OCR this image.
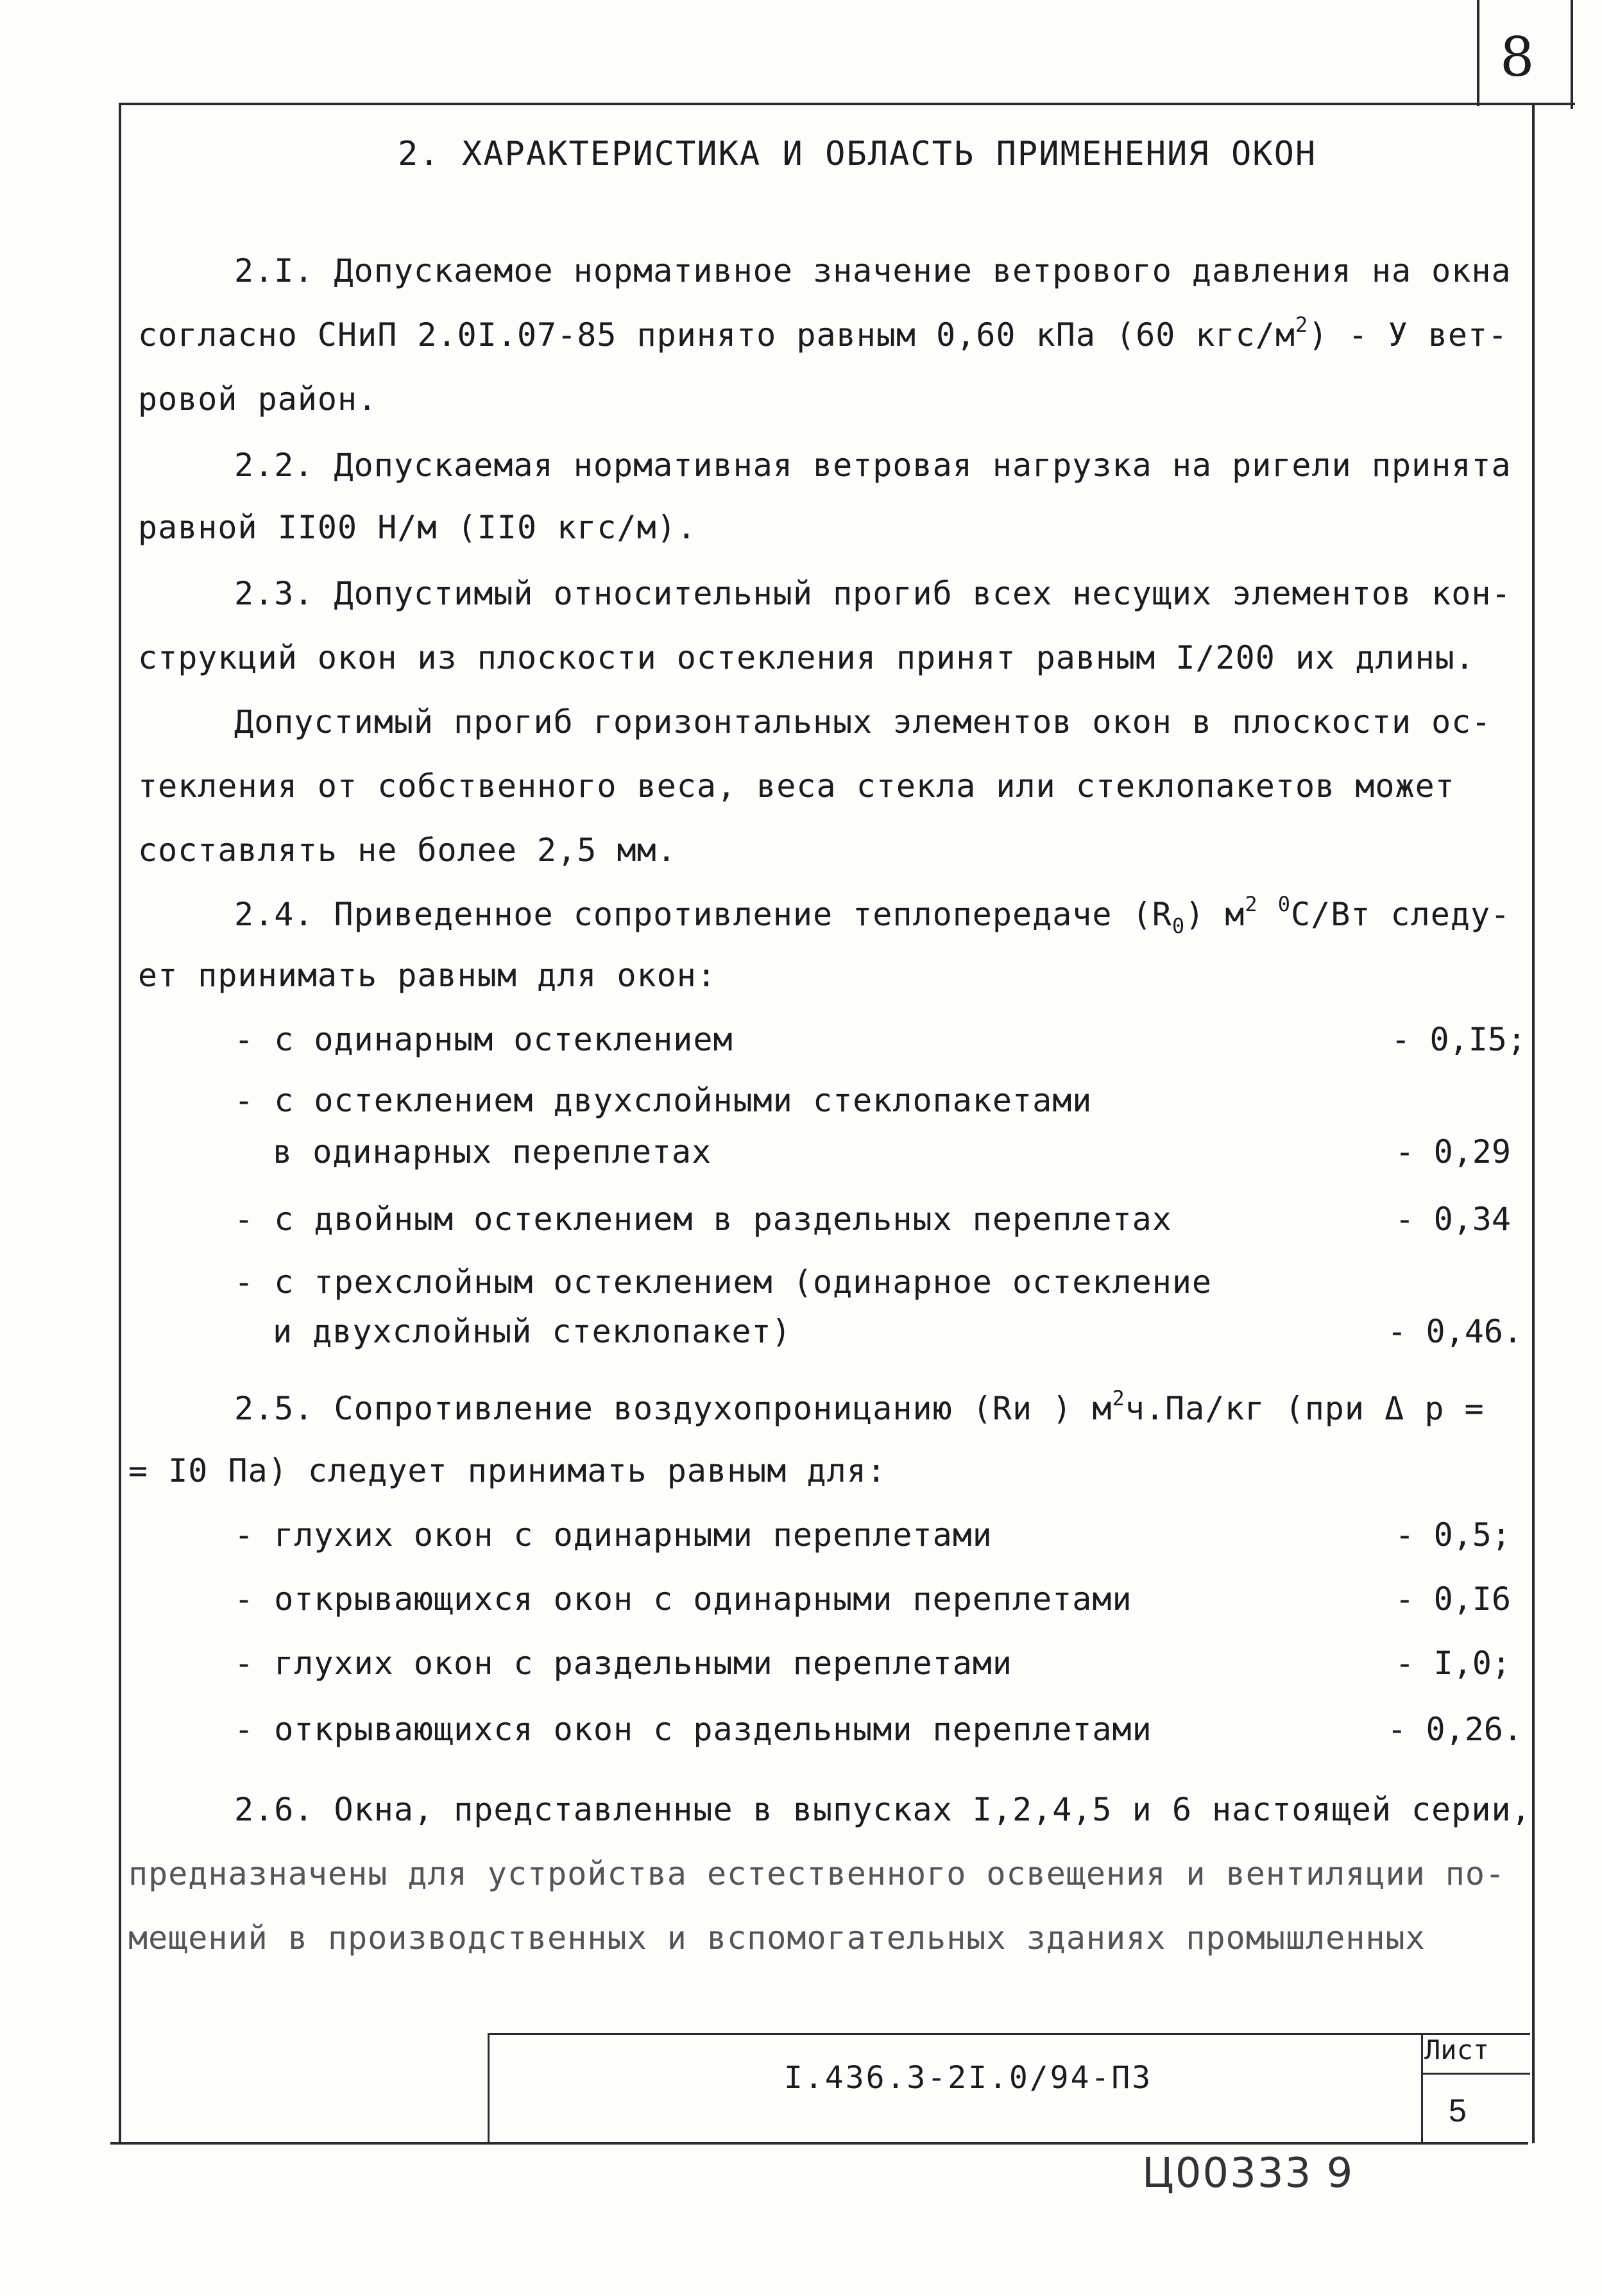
8
2. ХАРАКТЕРИСТИКА И ОБЛАСТЬ ПРИМЕНЕНИЯ ОКОН
2.I. Допускаемое нормативное значение ветрового давления на окна
согласно СНиП 2.0I.07-85 принято равным 0,60 кПа (60 кгс/$м^2$) - У вет-
ровой район.
2.2. Допускаемая нормативная ветровая нагрузка на ригели принята
равной II00 Н/м (II0 кгс/м).
2.3. Допустимый относительный прогиб всех несущих элементов кон-
струкций окон из плоскости остекления принят равным I/200 их длины.
Допустимый прогиб горизонтальных элементов окон в плоскости ос-
текления от собственного веса, веса стекла или стеклопакетов может
составлять не более 2,5 мм.
2.4. Приведенное сопротивление теплопередаче $(R_0)$ $м^2$ $^0$С/Вт следу-
ет принимать равным для окон:
- с одинарным остеклением	- 0,I5;
- с остеклением двухслойными стеклопакетами
в одинарных переплетах	- 0,29
- с двойным остеклением в раздельных переплетах	- 0,34
- с трехслойным остеклением (одинарное остекление
и двухслойный стеклопакет)	- 0,46.
2.5. Сопротивление воздухопроницанию (Rи ) $м^2ч.Па/кг$ (при Δ р =
= I0 Па) следует принимать равным для:
- глухих окон с одинарными переплетами	- 0,5;
- открывающихся окон с одинарными переплетами	- 0,I6
- глухих окон с раздельными переплетами	- I,0;
- открывающихся окон с раздельными переплетами	- 0,26.
2.6. Окна, представленные в выпусках I,2,4,5 и 6 настоящей серии,
предназначены для устройства естественного освещения и вентиляции по-
мещений в производственных и вспомогательных зданиях промышленных
I.436.3-2I.0/94-ПЗ
Лист
5
Ц00333 9
